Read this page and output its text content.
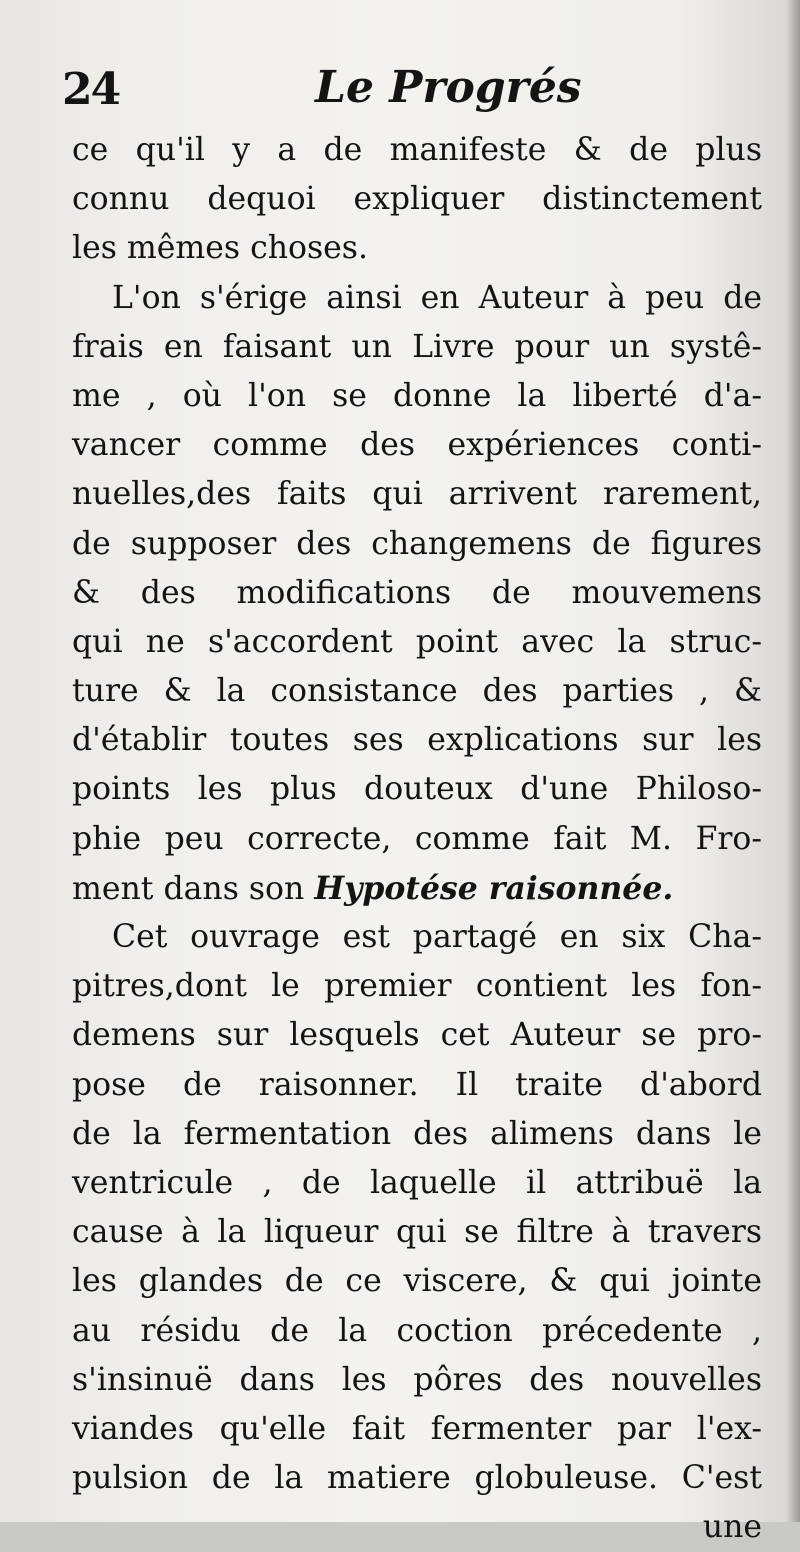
24	Le Progrés
ce qu'il y a de manifeste & de plus
connu dequoi expliquer distinctement
les mêmes choses.
L'on s'érige ainsi en Auteur à peu de
frais en faisant un Livre pour un systê-
me , où l'on se donne la liberté d'a-
vancer comme des expériences conti-
nuelles,des faits qui arrivent rarement,
de supposer des changemens de figures
& des modifications de mouvemens
qui ne s'accordent point avec la struc-
ture & la consistance des parties , &
d'établir toutes ses explications sur les
points les plus douteux d'une Philoso-
phie peu correcte, comme fait M. Fro-
ment dans son Hypotése raisonnée.
Cet ouvrage est partagé en six Cha-
pitres,dont le premier contient les fon-
demens sur lesquels cet Auteur se pro-
pose de raisonner. Il traite d'abord
de la fermentation des alimens dans le
ventricule , de laquelle il attribuë la
cause à la liqueur qui se filtre à travers
les glandes de ce viscere, & qui jointe
au résidu de la coction précedente ,
s'insinuë dans les pôres des nouvelles
viandes qu'elle fait fermenter par l'ex-
pulsion de la matiere globuleuse. C'est
une
